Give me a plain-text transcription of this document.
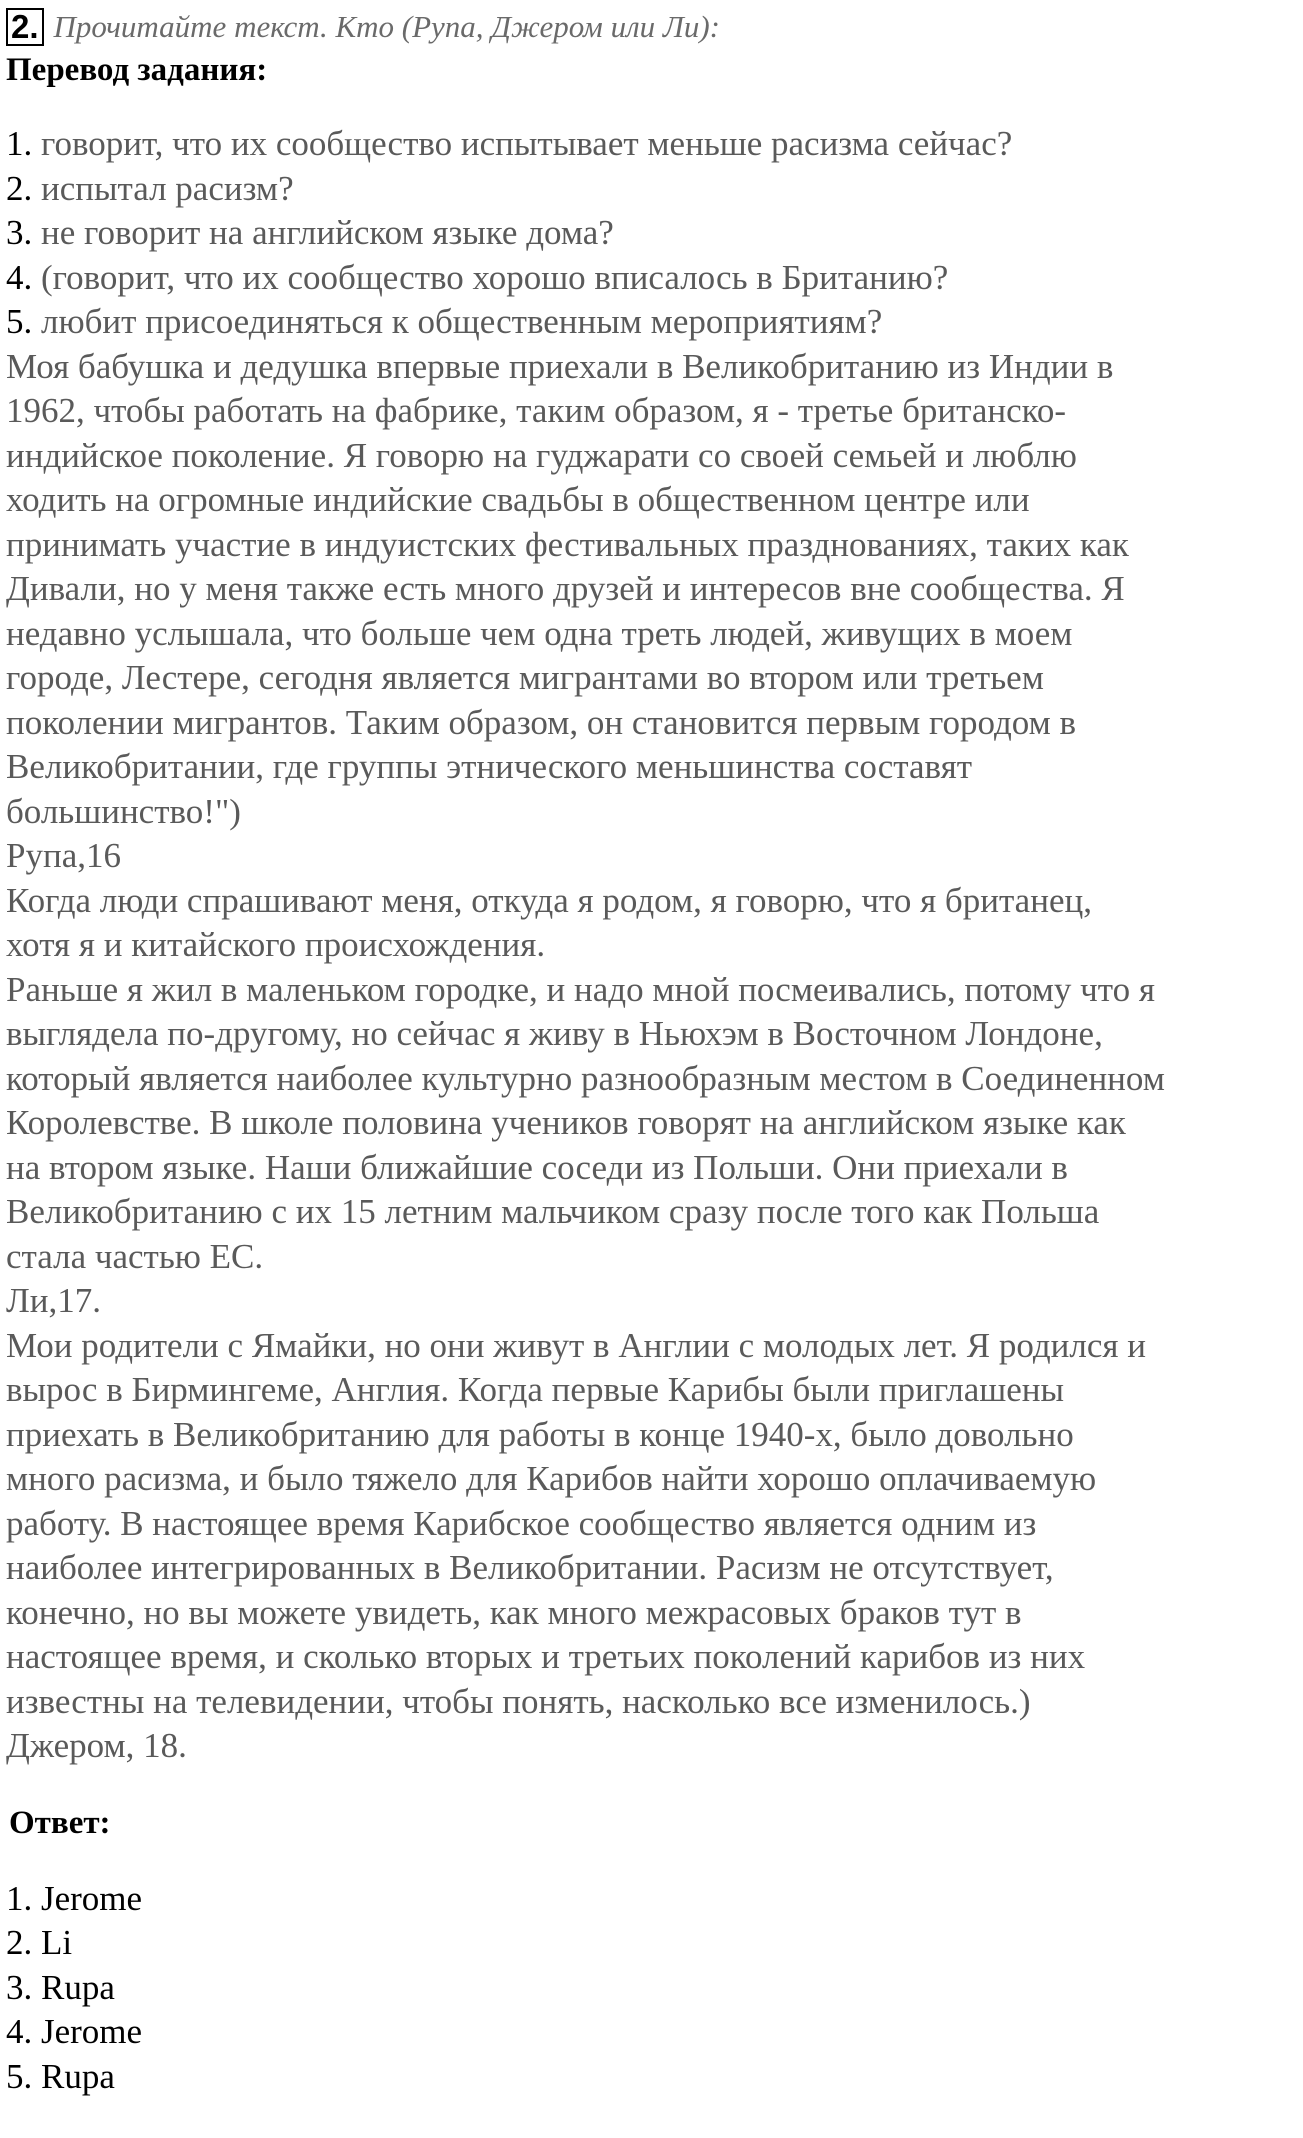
2. Прочитайте текст. Кто (Рупа, Джером или Ли):
Перевод задания:
1. говорит, что их сообщество испытывает меньше расизма сейчас?
2. испытал расизм?
3. не говорит на английском языке дома?
4. (говорит, что их сообщество хорошо вписалось в Британию?
5. любит присоединяться к общественным мероприятиям?
Моя бабушка и дедушка впервые приехали в Великобританию из Индии в
1962, чтобы работать на фабрике, таким образом, я - третье британско-
индийское поколение. Я говорю на гуджарати со своей семьей и люблю
ходить на огромные индийские свадьбы в общественном центре или
принимать участие в индуистских фестивальных празднованиях, таких как
Дивали, но у меня также есть много друзей и интересов вне сообщества. Я
недавно услышала, что больше чем одна треть людей, живущих в моем
городе, Лестере, сегодня является мигрантами во втором или третьем
поколении мигрантов. Таким образом, он становится первым городом в
Великобритании, где группы этнического меньшинства составят
большинство!")
Рупа,16
Когда люди спрашивают меня, откуда я родом, я говорю, что я британец,
хотя я и китайского происхождения.
Раньше я жил в маленьком городке, и надо мной посмеивались, потому что я
выглядела по-другому, но сейчас я живу в Ньюхэм в Восточном Лондоне,
который является наиболее культурно разнообразным местом в Соединенном
Королевстве. В школе половина учеников говорят на английском языке как
на втором языке. Наши ближайшие соседи из Польши. Они приехали в
Великобританию с их 15 летним мальчиком сразу после того как Польша
стала частью ЕС.
Ли,17.
Мои родители с Ямайки, но они живут в Англии с молодых лет. Я родился и
вырос в Бирмингеме, Англия. Когда первые Карибы были приглашены
приехать в Великобританию для работы в конце 1940-х, было довольно
много расизма, и было тяжело для Карибов найти хорошо оплачиваемую
работу. В настоящее время Карибское сообщество является одним из
наиболее интегрированных в Великобритании. Расизм не отсутствует,
конечно, но вы можете увидеть, как много межрасовых браков тут в
настоящее время, и сколько вторых и третьих поколений карибов из них
известны на телевидении, чтобы понять, насколько все изменилось.)
Джером, 18.
Ответ:
1. Jerome
2. Li
3. Rupa
4. Jerome
5. Rupa
